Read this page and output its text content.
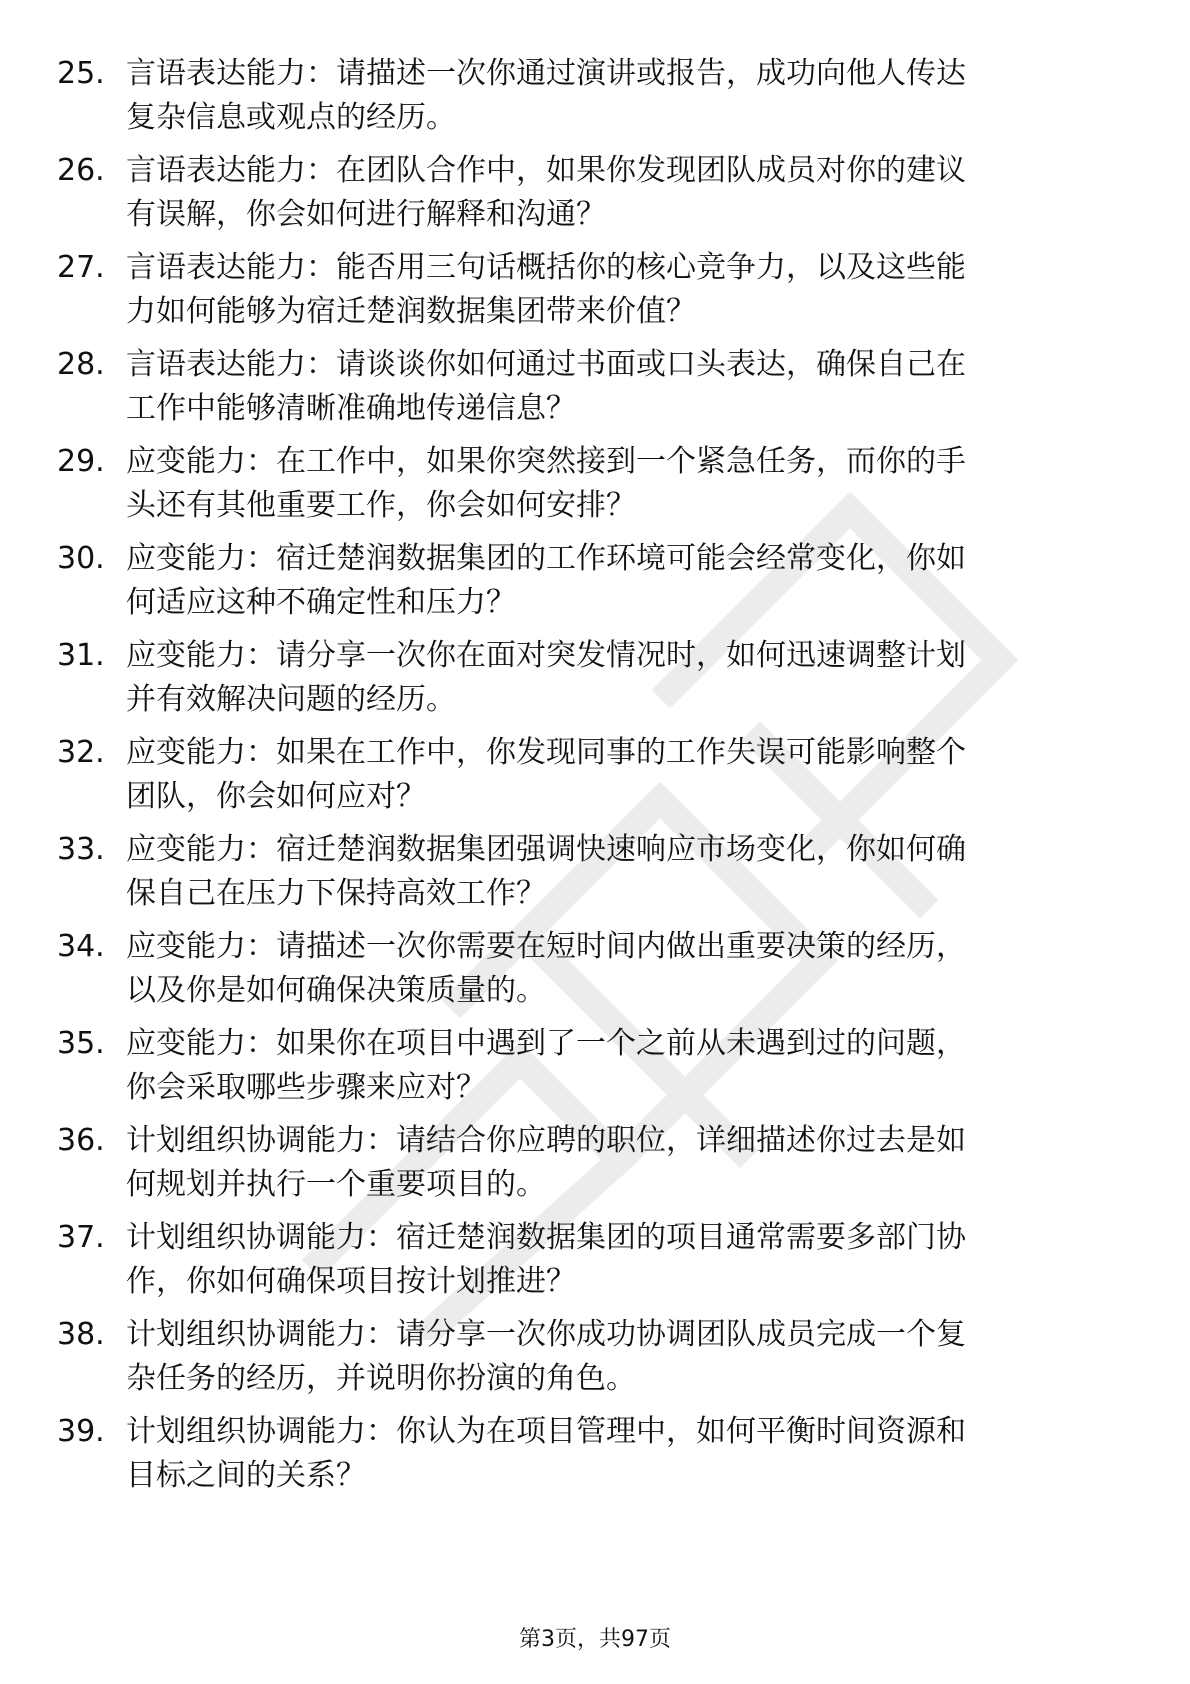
25. 言语表达能力：请描述一次你通过演讲或报告，成功向他人传达
复杂信息或观点的经历。
26. 言语表达能力：在团队合作中，如果你发现团队成员对你的建议
有误解，你会如何进行解释和沟通？
27. 言语表达能力：能否用三句话概括你的核心竞争力，以及这些能
力如何能够为宿迁楚润数据集团带来价值？
28. 言语表达能力：请谈谈你如何通过书面或口头表达，确保自己在
工作中能够清晰准确地传递信息？
29. 应变能力：在工作中，如果你突然接到一个紧急任务，而你的手
头还有其他重要工作，你会如何安排？
30. 应变能力：宿迁楚润数据集团的工作环境可能会经常变化，你如
何适应这种不确定性和压力？
31. 应变能力：请分享一次你在面对突发情况时，如何迅速调整计划
并有效解决问题的经历。
32. 应变能力：如果在工作中，你发现同事的工作失误可能影响整个
团队，你会如何应对？
33. 应变能力：宿迁楚润数据集团强调快速响应市场变化，你如何确
保自己在压力下保持高效工作？
34. 应变能力：请描述一次你需要在短时间内做出重要决策的经历，
以及你是如何确保决策质量的。
35. 应变能力：如果你在项目中遇到了一个之前从未遇到过的问题，
你会采取哪些步骤来应对？
36. 计划组织协调能力：请结合你应聘的职位，详细描述你过去是如
何规划并执行一个重要项目的。
37. 计划组织协调能力：宿迁楚润数据集团的项目通常需要多部门协
作，你如何确保项目按计划推进？
38. 计划组织协调能力：请分享一次你成功协调团队成员完成一个复
杂任务的经历，并说明你扮演的角色。
39. 计划组织协调能力：你认为在项目管理中，如何平衡时间资源和
目标之间的关系？
第3页，共97页
